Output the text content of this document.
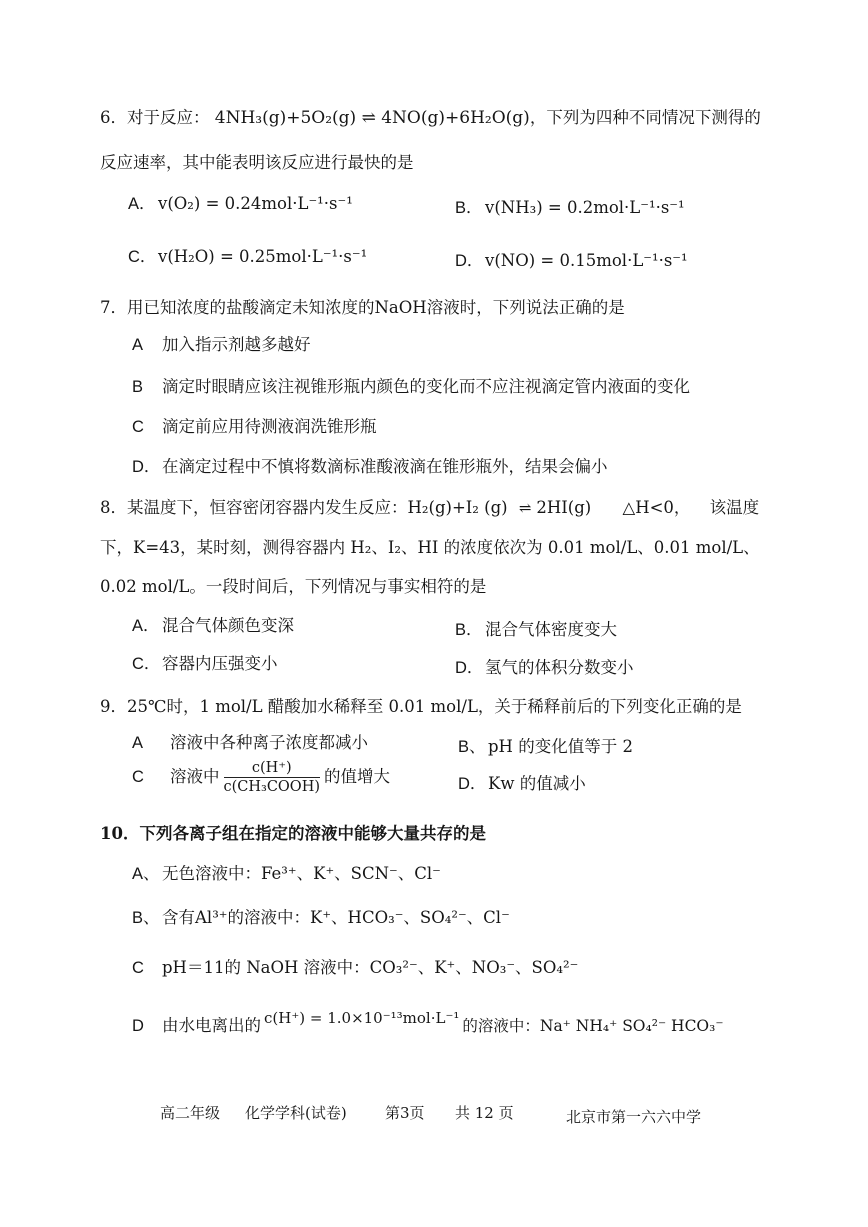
6．对于反应： 4NH₃(g)+5O₂(g) ⇌ 4NO(g)+6H₂O(g)，下列为四种不同情况下测得的
反应速率，其中能表明该反应进行最快的是
A． v(O₂) = 0.24mol·L⁻¹·s⁻¹	B． v(NH₃) = 0.2mol·L⁻¹·s⁻¹
C．v(H₂O) = 0.25mol·L⁻¹·s⁻¹	D．v(NO) = 0.15mol·L⁻¹·s⁻¹
7．用已知浓度的盐酸滴定未知浓度的NaOH溶液时，下列说法正确的是
A 加入指示剂越多越好
B 滴定时眼睛应该注视锥形瓶内颜色的变化而不应注视滴定管内液面的变化
C 滴定前应用待测液润洗锥形瓶
D．在滴定过程中不慎将数滴标准酸液滴在锥形瓶外，结果会偏小
8．某温度下，恒容密闭容器内发生反应：H₂(g)+I₂ (g) ⇌ 2HI(g) △H<0， 该温度
下，K=43，某时刻，测得容器内 H₂、I₂、HI 的浓度依次为 0.01 mol/L、0.01 mol/L、
0.02 mol/L。一段时间后，下列情况与事实相符的是
A． 混合气体颜色变深	B． 混合气体密度变大
C．容器内压强变小	D．氢气的体积分数变小
9．25℃时，1 mol/L 醋酸加水稀释至 0.01 mol/L，关于稀释前后的下列变化正确的是
A 溶液中各种离子浓度都减小	B、 pH 的变化值等于 2
C 溶液中 $\frac{c(H^+)}{\text{c(CH₃COOH)}}$ 的值增大	D．Kw 的值减小
10．下列各离子组在指定的溶液中能够大量共存的是
A、 无色溶液中：Fe³⁺、K⁺、SCN⁻、Cl⁻
B、 含有Al³⁺的溶液中：K⁺、HCO₃⁻、SO₄²⁻、Cl⁻
C pH＝11的 NaOH 溶液中：CO₃²⁻、K⁺、NO₃⁻、SO₄²⁻
D 由水电离出的 c(H⁺) = 1.0×10⁻¹³mol·L⁻¹ 的溶液中：Na⁺ NH₄⁺ SO₄²⁻ HCO₃⁻
高二年级 化学学科(试卷)	第3页 共 12 页	北京市第一六六中学
